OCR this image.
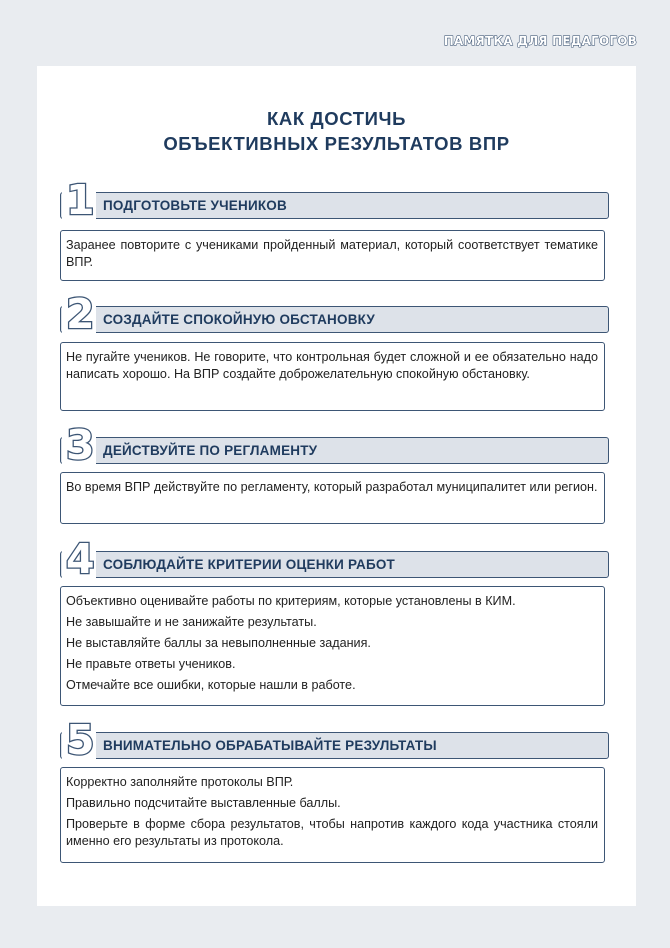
ПАМЯТКА ДЛЯ ПЕДАГОГОВ
КАК ДОСТИЧЬ
ОБЪЕКТИВНЫХ РЕЗУЛЬТАТОВ ВПР
ПОДГОТОВЬТЕ УЧЕНИКОВ
1

Заранее повторите с учениками пройденный материал, который соответствует тематике ВПР.

СОЗДАЙТЕ СПОКОЙНУЮ ОБСТАНОВКУ
2

Не пугайте учеников. Не говорите, что контрольная будет сложной и ее обязательно надо написать хорошо. На ВПР создайте доброжелательную спокойную обстановку.

ДЕЙСТВУЙТЕ ПО РЕГЛАМЕНТУ
3

Во время ВПР действуйте по регламенту, который разработал муниципалитет или регион.

СОБЛЮДАЙТЕ КРИТЕРИИ ОЦЕНКИ РАБОТ
4

Объективно оценивайте работы по критериям, которые установлены в КИМ.

Не завышайте и не занижайте результаты.

Не выставляйте баллы за невыполненные задания.

Не правьте ответы учеников.

Отмечайте все ошибки, которые нашли в работе.

ВНИМАТЕЛЬНО ОБРАБАТЫВАЙТЕ РЕЗУЛЬТАТЫ
5

Корректно заполняйте протоколы ВПР.

Правильно подсчитайте выставленные баллы.

Проверьте в форме сбора результатов, чтобы напротив каждого кода участника стояли именно его результаты из протокола.
